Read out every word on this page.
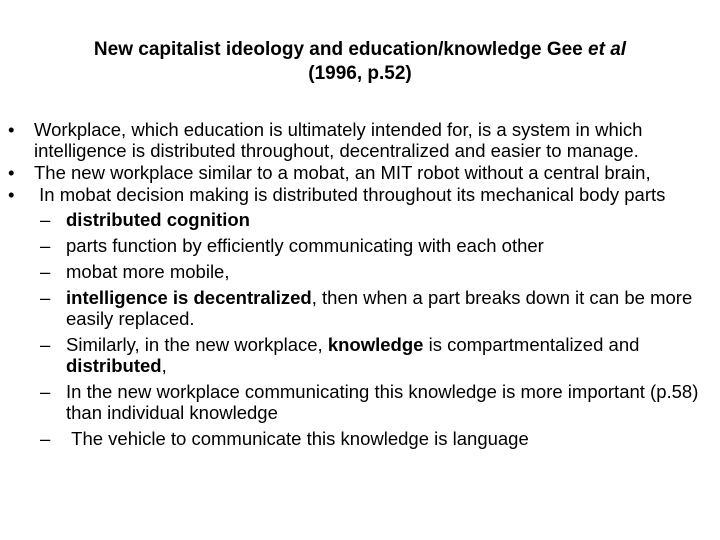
New capitalist ideology and education/knowledge Gee et al
(1996, p.52)
• Workplace, which education is ultimately intended for, is a system in which intelligence is distributed throughout, decentralized and easier to manage.
• The new workplace similar to a mobat, an MIT robot without a central brain,
• In mobat decision making is distributed throughout its mechanical body parts
– distributed cognition
– parts function by efficiently communicating with each other
– mobat more mobile,
– intelligence is decentralized, then when a part breaks down it can be more easily replaced.
– Similarly, in the new workplace, knowledge is compartmentalized and distributed,
– In the new workplace communicating this knowledge is more important (p.58) than individual knowledge
– The vehicle to communicate this knowledge is language
